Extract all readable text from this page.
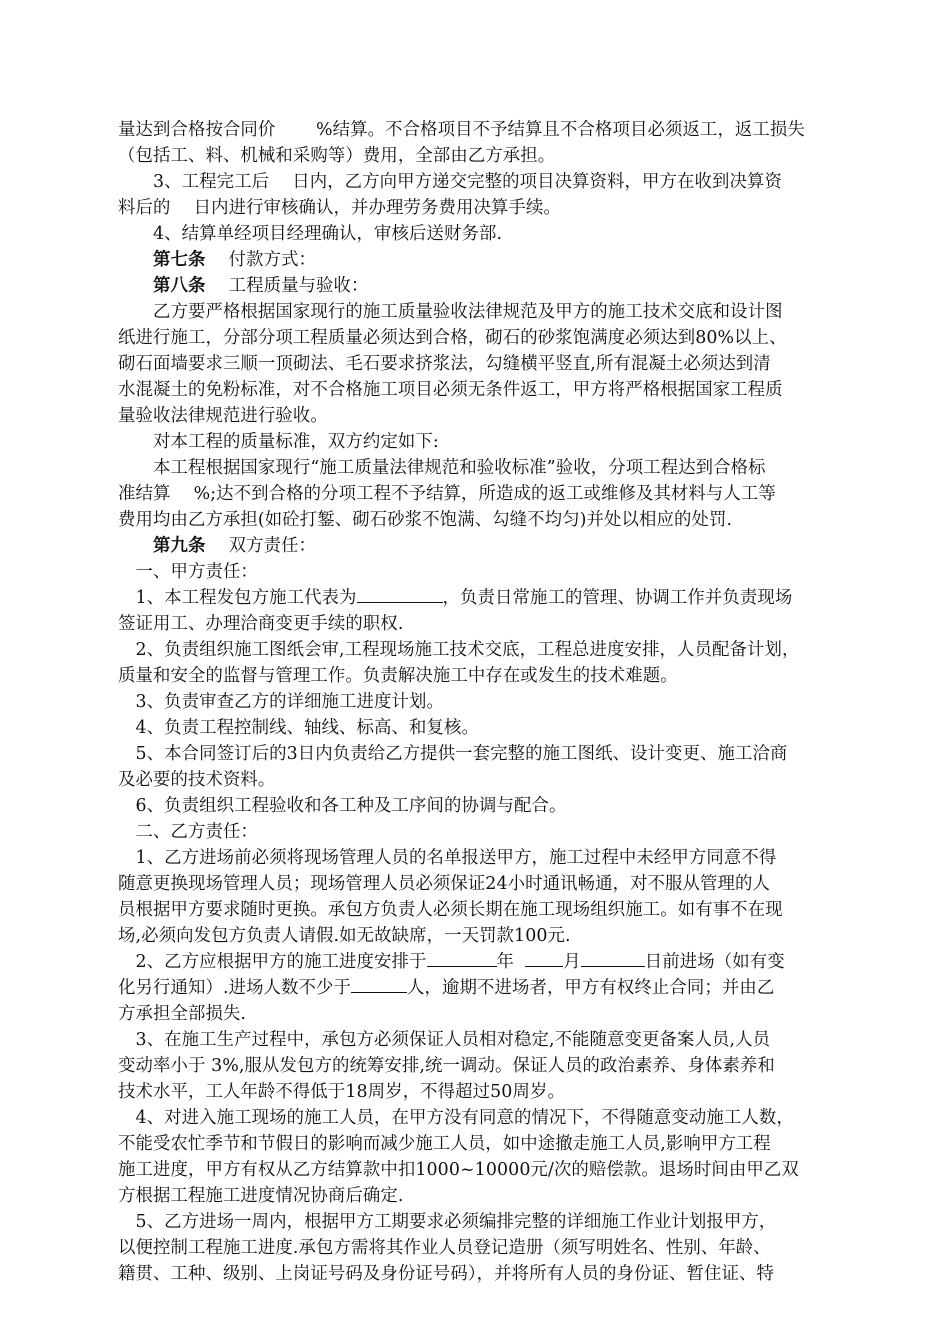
量达到合格按合同价　　 %结算。不合格项目不予结算且不合格项目必须返工，返工损失
（包括工、料、机械和采购等）费用，全部由乙方承担。
　　3、工程完工后　 日内，乙方向甲方递交完整的项目决算资料，甲方在收到决算资
料后的　 日内进行审核确认，并办理劳务费用决算手续。
　　4、结算单经项目经理确认，审核后送财务部.
　　第七条　 付款方式：
　　第八条　 工程质量与验收：
　　乙方要严格根据国家现行的施工质量验收法律规范及甲方的施工技术交底和设计图
纸进行施工，分部分项工程质量必须达到合格，砌石的砂浆饱满度必须达到80%以上、
砌石面墙要求三顺一顶砌法、毛石要求挤浆法，勾缝横平竖直,所有混凝土必须达到清
水混凝土的免粉标准，对不合格施工项目必须无条件返工，甲方将严格根据国家工程质
量验收法律规范进行验收。
　　对本工程的质量标准，双方约定如下:
　　本工程根据国家现行“施工质量法律规范和验收标准”验收，分项工程达到合格标
准结算　 %;达不到合格的分项工程不予结算，所造成的返工或维修及其材料与人工等
费用均由乙方承担(如砼打錾、砌石砂浆不饱满、勾缝不均匀)并处以相应的处罚.
　　第九条　 双方责任：
　一、甲方责任：
　1、本工程发包方施工代表为	，负责日常施工的管理、协调工作并负责现场
签证用工、办理洽商变更手续的职权.
　2、负责组织施工图纸会审,工程现场施工技术交底，工程总进度安排，人员配备计划，
质量和安全的监督与管理工作。负责解决施工中存在或发生的技术难题。
　3、负责审查乙方的详细施工进度计划。
　4、负责工程控制线、轴线、标高、和复核。
　5、本合同签订后的3日内负责给乙方提供一套完整的施工图纸、设计变更、施工洽商
及必要的技术资料。
　6、负责组织工程验收和各工种及工序间的协调与配合。
　二、乙方责任：
　1、乙方进场前必须将现场管理人员的名单报送甲方，施工过程中未经甲方同意不得
随意更换现场管理人员；现场管理人员必须保证24小时通讯畅通，对不服从管理的人
员根据甲方要求随时更换。承包方负责人必须长期在施工现场组织施工。如有事不在现
场,必须向发包方负责人请假.如无故缺席，一天罚款100元.
　2、乙方应根据甲方的施工进度安排于	年	月	日前进场（如有变
化另行通知）.进场人数不少于	人，逾期不进场者，甲方有权终止合同；并由乙
方承担全部损失.
　3、在施工生产过程中，承包方必须保证人员相对稳定,不能随意变更备案人员,人员
变动率小于 3%,服从发包方的统筹安排,统一调动。保证人员的政治素养、身体素养和
技术水平，工人年龄不得低于18周岁，不得超过50周岁。
　4、对进入施工现场的施工人员，在甲方没有同意的情况下，不得随意变动施工人数，
不能受农忙季节和节假日的影响而减少施工人员，如中途撤走施工人员,影响甲方工程
施工进度，甲方有权从乙方结算款中扣1000~10000元/次的赔偿款。退场时间由甲乙双
方根据工程施工进度情况协商后确定.
　5、乙方进场一周内，根据甲方工期要求必须编排完整的详细施工作业计划报甲方，
以便控制工程施工进度.承包方需将其作业人员登记造册（须写明姓名、性别、年龄、
籍贯、工种、级别、上岗证号码及身份证号码），并将所有人员的身份证、暂住证、特
